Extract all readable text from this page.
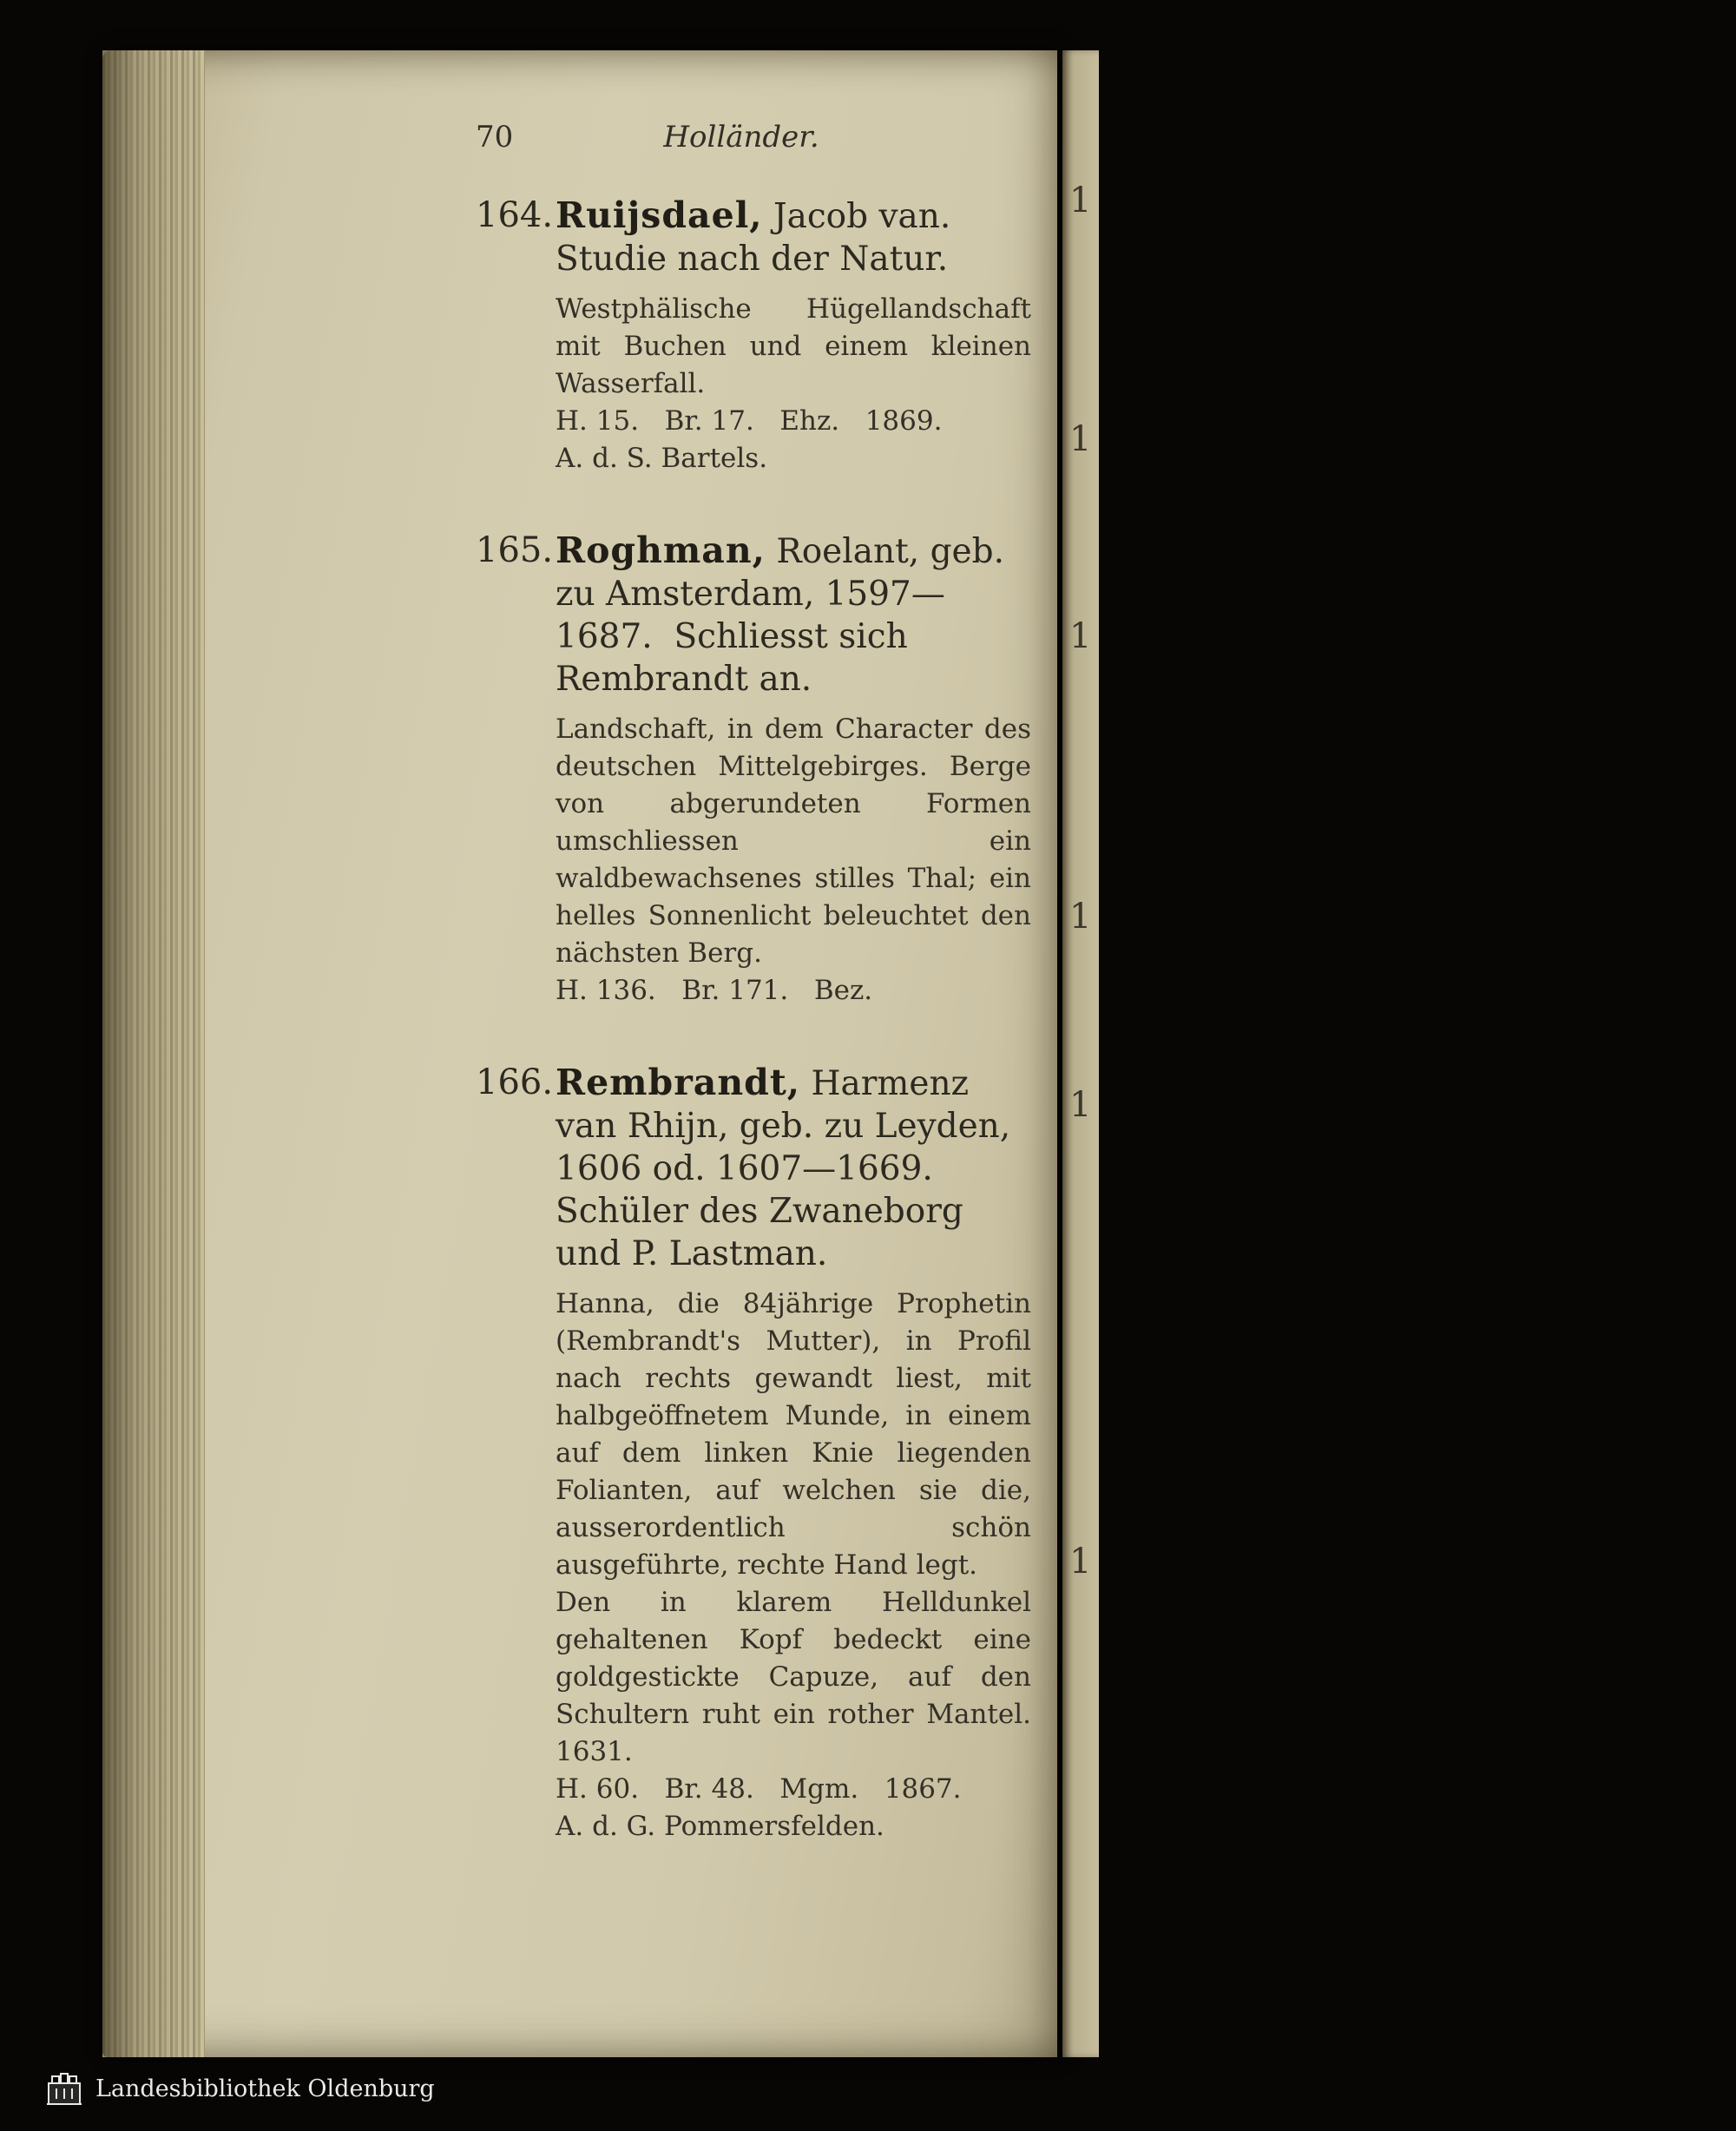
70	Holländer.
164. Ruijsdael, Jacob van.  Studie nach der Natur.

Westphälische Hügellandschaft mit Buchen und einem kleinen Wasserfall.

H. 15.   Br. 17.   Ehz.   1869.

A. d. S. Bartels.

165. Roghman, Roelant, geb. zu Amsterdam, 1597—1687.  Schliesst sich Rembrandt an.

Landschaft, in dem Character des deutschen Mittelgebirges. Berge von abgerundeten Formen umschliessen ein waldbewachsenes stilles Thal; ein helles Sonnenlicht beleuchtet den nächsten Berg.

H. 136.   Br. 171.   Bez.

166. Rembrandt, Harmenz van Rhijn, geb. zu Leyden, 1606 od. 1607—1669. Schüler des Zwaneborg und P. Lastman.

Hanna, die 84jährige Prophetin (Rembrandt's Mutter), in Profil nach rechts gewandt liest, mit halbgeöffnetem Munde, in einem auf dem linken Knie liegenden Folianten, auf welchen sie die, ausserordentlich schön ausgeführte, rechte Hand legt.

Den in klarem Helldunkel gehaltenen Kopf bedeckt eine goldgestickte Capuze, auf den Schultern ruht ein rother Mantel. 1631.

H. 60.   Br. 48.   Mgm.   1867.

A. d. G. Pommersfelden.

1
1
1
1
1
1
Landesbibliothek Oldenburg
